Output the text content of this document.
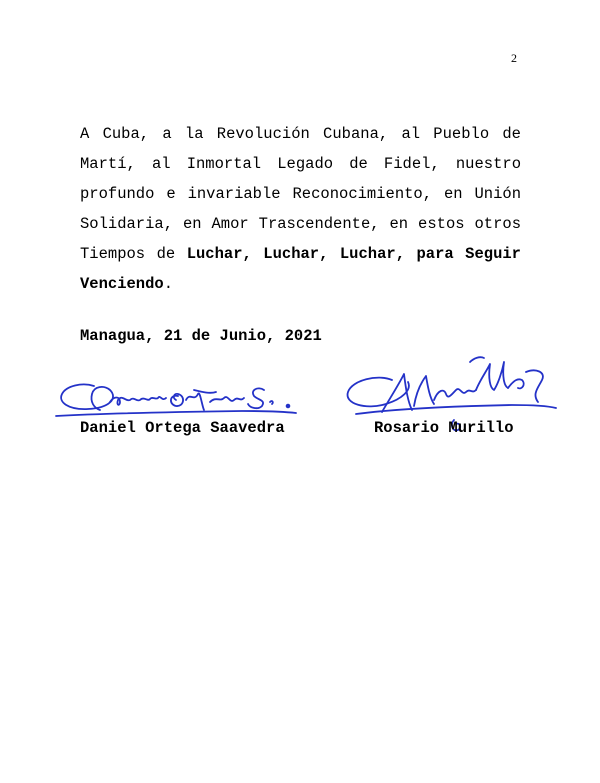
2

A Cuba, a la Revolución Cubana, al Pueblo de Martí, al Inmortal Legado de Fidel, nuestro profundo e invariable Reconocimiento, en Unión Solidaria, en Amor Trascendente, en estos otros Tiempos de Luchar, Luchar, Luchar, para Seguir Venciendo.

Managua, 21 de Junio, 2021

Daniel Ortega Saavedra	Rosario Murillo
